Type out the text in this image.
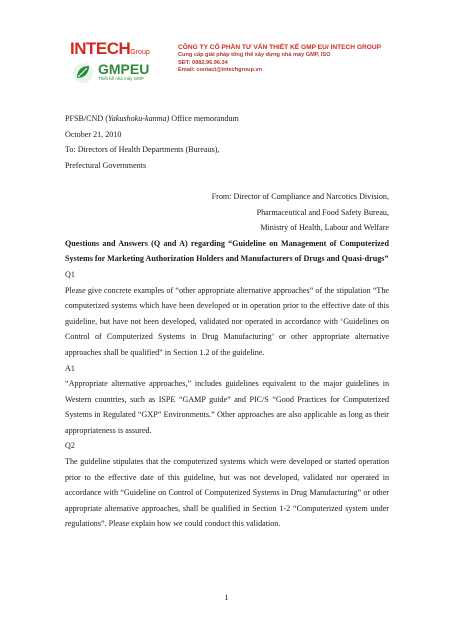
INTECHGroup
GMPEU
Thiết kế nhà máy GMP
CÔNG TY CỔ PHẦN TƯ VẤN THIẾT KẾ GMP EU/ INTECH GROUP
Cung cấp giải pháp tổng thể xây dựng nhà máy GMP, ISO
SĐT: 0982.96.96.34
Email: contact@intechgroup.vn

PFSB/CND (Yakushoku-kanma) Office memorandum

October 21, 2010

To: Directors of Health Departments (Bureaus),

Prefectural Governments

From: Director of Compliance and Narcotics Division,

Pharmaceutical and Food Safety Bureau,

Ministry of Health, Labour and Welfare

Questions and Answers (Q and A) regarding “Guideline on Management of Computerized Systems for Marketing Authorization Holders and Manufacturers of Drugs and Quasi-drugs”

Q1

Please give concrete examples of “other appropriate alternative approaches” of the stipulation “The computerized systems which have been developed or in operation prior to the effective date of this guideline, but have not been developed, validated nor operated in accordance with ‘Guidelines on Control of Computerized Systems in Drug Manufacturing’ or other appropriate alternative approaches shall be qualified” in Section 1.2 of the guideline.

A1

“Appropriate alternative approaches,” includes guidelines equivalent to the major guidelines in Western countries, such as ISPE “GAMP guide” and PIC/S “Good Practices for Computerized Systems in Regulated “GXP” Environments.” Other approaches are also applicable as long as their appropriateness is assured.

Q2

The guideline stipulates that the computerized systems which were developed or started operation prior to the effective date of this guideline, but was not developed, validated nor operated in accordance with “Guideline on Control of Computerized Systems in Drug Manufacturing” or other appropriate alternative approaches, shall be qualified in Section 1-2 “Computerized system under regulations”. Please explain how we could conduct this validation.

1
